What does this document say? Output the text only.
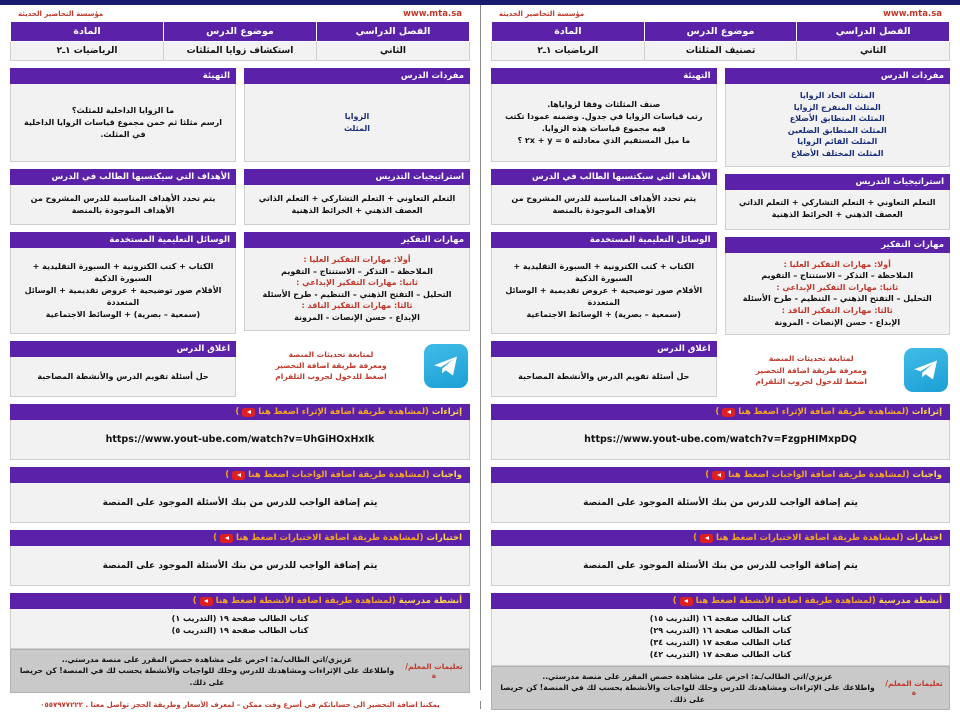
www.mta.sa
مؤسسة التحاضير الحديثة
الفصل الدراسي	موضوع الدرس	المادة
الثاني	تصنيف المثلثات	الرياضيات ١ـ٢
مفردات الدرس
المثلث الحاد الزوايا
المثلث المنفرج الزوايا
المثلث المتطابق الأضلاع
المثلث المتطابق الضلعين
المثلث القائم الزوايا
المثلث المختلف الأضلاع
استراتيجيات التدريس
التعلم التعاوني + التعلم التشاركي + التعلم الذاتي
العصف الذهني + الخرائط الذهنية
مهارات التفكير
أولا: مهارات التفكير العليا :
الملاحظة – التذكر – الاستنتاج – التقويم
ثانيا: مهارات التفكير الإبداعي :
التحليل – التفتح الذهني – التنظيم - طرح الأسئلة
ثالثا: مهارات التفكير الناقد :
الإبداع - حسن الإنصات - المرونة
لمتابعة تحديثات المنصة
ومعرفة طريقة اضافة التحضير
اضغط للدخول لجروب التلقرام
التهيئة
صنف المثلثات وفقا لزواياها.
رتب قياسات الزوايا في جدول. وضمنه عمودا تكتب فيه مجموع قياسات هذه الزوايا.
ما ميل المستقيم الذي معادلته ٥ = ٢x + y ؟
الأهداف التي سيكتسبها الطالب في الدرس
يتم تحدد الأهداف المناسبة للدرس المشروح من الأهداف الموجودة بالمنصة
الوسائل التعليمية المستخدمة
الكتاب + كتب الكترونية + السبورة التقليدية + السبورة الذكية
الأقلام صور توضيحية + عروض تقديمية + الوسائل المتعددة
(سمعية – بصرية) + الوسائط الاجتماعية
اغلاق الدرس
حل أسئلة تقويم الدرس والأنشطة المصاحبة
إثراءات
(لمشاهدة طريقة اضافة الإثراء اضغط هنا
)
https://www.yout-ube.com/watch?v=FzgpHIMxpDQ
واجبات
(لمشاهدة طريقة اضافة الواجبات اضغط هنا
)
يتم إضافة الواجب للدرس من بنك الأسئلة الموجود على المنصة
اختبارات
(لمشاهدة طريقة اضافة الاختبارات اضغط هنا
)
يتم إضافة الواجب للدرس من بنك الأسئلة الموجود على المنصة
أنشطة مدرسية
(لمشاهدة طريقة اضافة الأنشطة اضغط هنا
)
كتاب الطالب صفحة ١٦ (التدريب ١٥)
كتاب الطالب صفحة ١٦ (التدريب ٢٩)
كتاب الطالب صفحة ١٧ (التدريب ٣٤)
كتاب الطالب صفحة ١٧ (التدريب ٤٢)
تعليمات المعلم/ة
عزيزي/اتي الطالب/ـة: احرص على مشاهدة حصص المقرر على منصة مدرستي..
واطلاعك على الإثراءات ومشاهدتك للدرس وحلك للواجبات والأنشطة يحسب لك في المنصة! كن حريصا على ذلك.
www.mta.sa
مؤسسة التحاضير الحديثة
الفصل الدراسي	موضوع الدرس	المادة
الثاني	استكشاف زوايا المثلثات	الرياضيات ١ـ٢
مفردات الدرس
الزوايا
المثلث
استراتيجيات التدريس
التعلم التعاوني + التعلم التشاركي + التعلم الذاتي
العصف الذهني + الخرائط الذهنية
مهارات التفكير
أولا: مهارات التفكير العليا :
الملاحظة – التذكر – الاستنتاج – التقويم
ثانيا: مهارات التفكير الإبداعي :
التحليل – التفتح الذهني – التنظيم - طرح الأسئلة
ثالثا: مهارات التفكير الناقد :
الإبداع - حسن الإنصات - المرونة
لمتابعة تحديثات المنصة
ومعرفة طريقة اضافة التحضير
اضغط للدخول لجروب التلقرام
التهيئة
ما الزوايا الداخلية للمثلث؟
ارسم مثلثا ثم خمن مجموع قياسات الزوايا الداخلية في المثلث.
الأهداف التي سيكتسبها الطالب في الدرس
يتم تحدد الأهداف المناسبة للدرس المشروح من الأهداف الموجودة بالمنصة
الوسائل التعليمية المستخدمة
الكتاب + كتب الكترونية + السبورة التقليدية + السبورة الذكية
الأقلام صور توضيحية + عروض تقديمية + الوسائل المتعددة
(سمعية – بصرية) + الوسائط الاجتماعية
اغلاق الدرس
حل أسئلة تقويم الدرس والأنشطة المصاحبة
إثراءات
(لمشاهدة طريقة اضافة الإثراء اضغط هنا
)
https://www.yout-ube.com/watch?v=UhGiHOxHxIk
واجبات
(لمشاهدة طريقة اضافة الواجبات اضغط هنا
)
يتم إضافة الواجب للدرس من بنك الأسئلة الموجود على المنصة
اختبارات
(لمشاهدة طريقة اضافة الاختبارات اضغط هنا
)
يتم إضافة الواجب للدرس من بنك الأسئلة الموجود على المنصة
أنشطة مدرسية
(لمشاهدة طريقة اضافة الأنشطة اضغط هنا
)
كتاب الطالب صفحة ١٩ (التدريب ١)
كتاب الطالب صفحة ١٩ (التدريب ٥)
تعليمات المعلم/ة
عزيزي/اتي الطالب/ـة: احرص على مشاهدة حصص المقرر على منصة مدرستي..
واطلاعك على الإثراءات ومشاهدتك للدرس وحلك للواجبات والأنشطة يحسب لك في المنصة! كن حريصا على ذلك.
يمكننا اضافة التحضير الى حساباتكم في أسرع وقت ممكن – لمعرف الأسعار وطريقة الحجز تواصل معنا . ٠٥٥٧٩٧٧٢٢٢
